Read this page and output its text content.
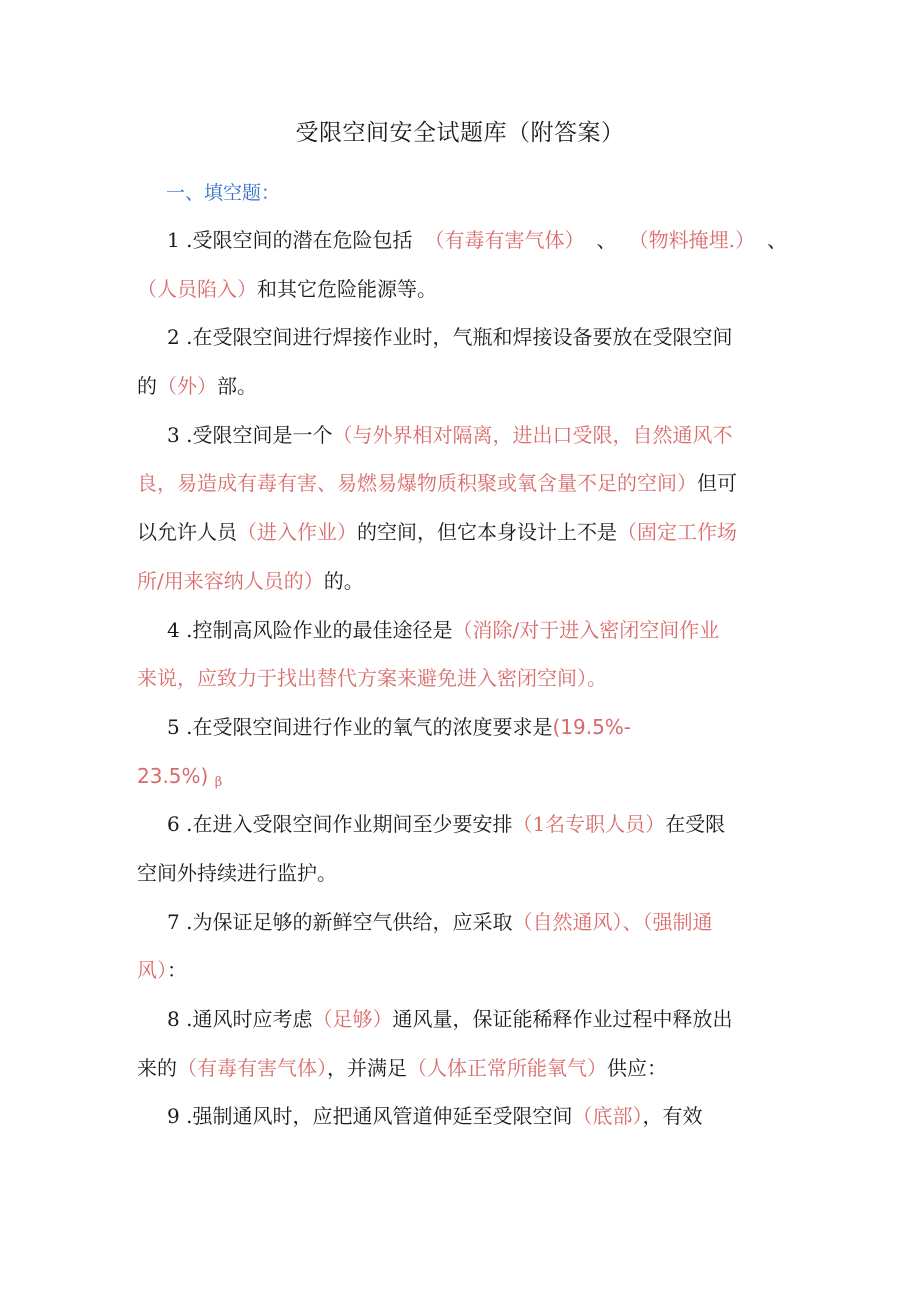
受限空间安全试题库（附答案）
一、填空题：
1 .受限空间的潜在危险包括 （有毒有害气体） 、 （物料掩埋.） 、
（人员陷入）和其它危险能源等。
2 .在受限空间进行焊接作业时，气瓶和焊接设备要放在受限空间
的（外）部。
3 .受限空间是一个（与外界相对隔离，进出口受限，自然通风不
良，易造成有毒有害、易燃易爆物质积聚或氧含量不足的空间）但可
以允许人员（进入作业）的空间，但它本身设计上不是（固定工作场
所/用来容纳人员的）的。
4 .控制高风险作业的最佳途径是（消除/对于进入密闭空间作业
来说，应致力于找出替代方案来避免进入密闭空间）。
5 .在受限空间进行作业的氧气的浓度要求是(19.5%-
23.5%) β
6 .在进入受限空间作业期间至少要安排（1名专职人员）在受限
空间外持续进行监护。
7 .为保证足够的新鲜空气供给，应采取（自然通风）、（强制通
风）：
8 .通风时应考虑（足够）通风量，保证能稀释作业过程中释放出
来的（有毒有害气体），并满足（人体正常所能氧气）供应：
9 .强制通风时，应把通风管道伸延至受限空间（底部），有效
